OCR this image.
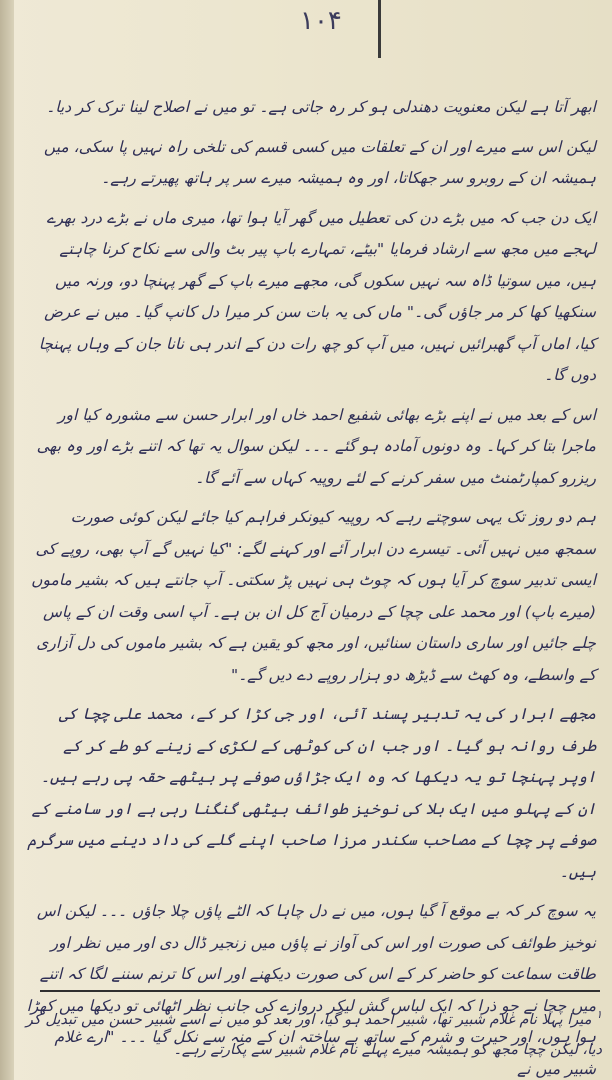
۱۰۴

ابھر آتا ہے لیکن معنویت دھندلی ہو کر رہ جاتی ہے۔ تو میں نے اصلاح لینا ترک کر دیا۔

لیکن اس سے میرے اور ان کے تعلقات میں کسی قسم کی تلخی راہ نہیں پا سکی، میں ہمیشہ ان کے روبرو سر جھکاتا، اور وہ ہمیشہ میرے سر پر ہاتھ پھیرتے رہے۔

ایک دن جب کہ میں بڑے دن کی تعطیل میں گھر آیا ہوا تھا، میری ماں نے بڑے درد بھرے لہجے میں مجھ سے ارشاد فرمایا "بیٹے، تمہارے باپ پیر بٹ والی سے نکاح کرنا چاہتے ہیں، میں سوتیا ڈاہ سہ نہیں سکوں گی، مجھے میرے باپ کے گھر پہنچا دو، ورنہ میں سنکھیا کھا کر مر جاؤں گی۔" ماں کی یہ بات سن کر میرا دل کانپ گیا۔ میں نے عرض کیا، اماں آپ گھبرائیں نہیں، میں آپ کو چھ رات دن کے اندر ہی نانا جان کے وہاں پہنچا دوں گا۔

اس کے بعد میں نے اپنے بڑے بھائی شفیع احمد خاں اور ابرار حسن سے مشورہ کیا اور ماجرا بتا کر کہا۔ وہ دونوں آمادہ ہو گئے ۔۔۔ لیکن سوال یہ تھا کہ اتنے بڑے اور وہ بھی ریزرو کمپارٹمنٹ میں سفر کرنے کے لئے روپیہ کہاں سے آئے گا۔

ہم دو روز تک یہی سوچتے رہے کہ روپیہ کیونکر فراہم کیا جائے لیکن کوئی صورت سمجھ میں نہیں آئی۔ تیسرے دن ابرار آئے اور کہنے لگے: "کیا نہیں گے آپ بھی، روپے کی ایسی تدبیر سوچ کر آیا ہوں کہ چوٹ ہی نہیں پڑ سکتی۔ آپ جانتے ہیں کہ بشیر ماموں (میرے باپ) اور محمد علی چچا کے درمیان آج کل ان بن ہے۔ آپ اسی وقت ان کے پاس چلے جائیں اور ساری داستان سنائیں، اور مجھ کو یقین ہے کہ بشیر ماموں کی دل آزاری کے واسطے، وہ کھٹ سے ڈیڑھ دو ہزار روپے دے دیں گے۔"

مجھے ابرار کی یہ تدبیر پسند آئی، اور جی کڑا کر کے، محمد علی چچا کی طرف روانہ ہو گیا۔ اور جب ان کی کوٹھی کے لکڑی کے زینے کو طے کر کے اوپر پہنچا تو یہ دیکھا کہ وہ ایک جڑاؤں صوفے پر بیٹھے حقہ پی رہے ہیں۔ ان کے پہلو میں ایک بلا کی نوخیز طوائف بیٹھی گنگنا رہی ہے اور سامنے کے صوفے پر چچا کے مصاحب سکندر مرزا صاحب اپنے گلے کی داد دینے میں سرگرم ہیں۔

یہ سوچ کر کہ بے موقع آ گیا ہوں، میں نے دل چاہا کہ الٹے پاؤں چلا جاؤں ۔۔۔ لیکن اس نوخیز طوائف کی صورت اور اس کی آواز نے پاؤں میں زنجیر ڈال دی اور میں نظر اور طاقت سماعت کو حاضر کر کے اس کی صورت دیکھنے اور اس کا ترنم سننے لگا کہ اتنے میں چچا نے جو ذرا کہ ایک لباس گش لیکر دروازے کی جانب نظر اٹھائی تو دیکھا میں کھڑا ہوا ہوں، اور حیرت و شرم کے ساتھ بے ساختہ ان کے منہ سے نکل گیا ۔۔۔ "ارے غلام شبیر میں نے

$^۱$ میرا پہلا نام غلام شبیر تھا، شبیر احمد ہو گیا، اور بعد کو میں نے اسے شبیر حسن میں تبدیل کر دیا، لیکن چچا مجھ کو ہمیشہ میرے پہلے نام غلام شبیر سے پکارتے رہے۔
